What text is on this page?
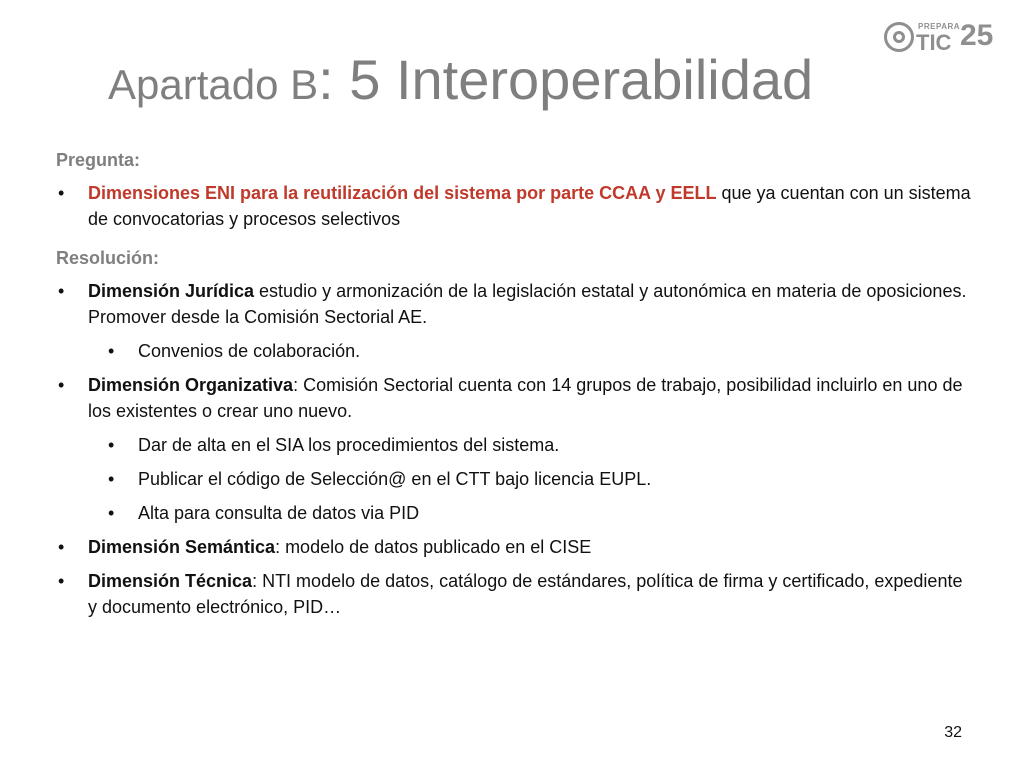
PREPARA
TIC 25
Apartado B: 5 Interoperabilidad

Pregunta:

• Dimensiones ENI para la reutilización del sistema por parte CCAA y EELL que ya cuentan con un sistema de convocatorias y procesos selectivos

Resolución:

• Dimensión Jurídica estudio y armonización de la legislación estatal y autonómica en materia de oposiciones. Promover desde la Comisión Sectorial AE.
• Convenios de colaboración.
• Dimensión Organizativa: Comisión Sectorial cuenta con 14 grupos de trabajo, posibilidad incluirlo en uno de los existentes o crear uno nuevo.
• Dar de alta en el SIA los procedimientos del sistema.
• Publicar el código de Selección@ en el CTT bajo licencia EUPL.
• Alta para consulta de datos via PID
• Dimensión Semántica: modelo de datos publicado en el CISE
• Dimensión Técnica: NTI modelo de datos, catálogo de estándares, política de firma y certificado, expediente y documento electrónico, PID…
32
